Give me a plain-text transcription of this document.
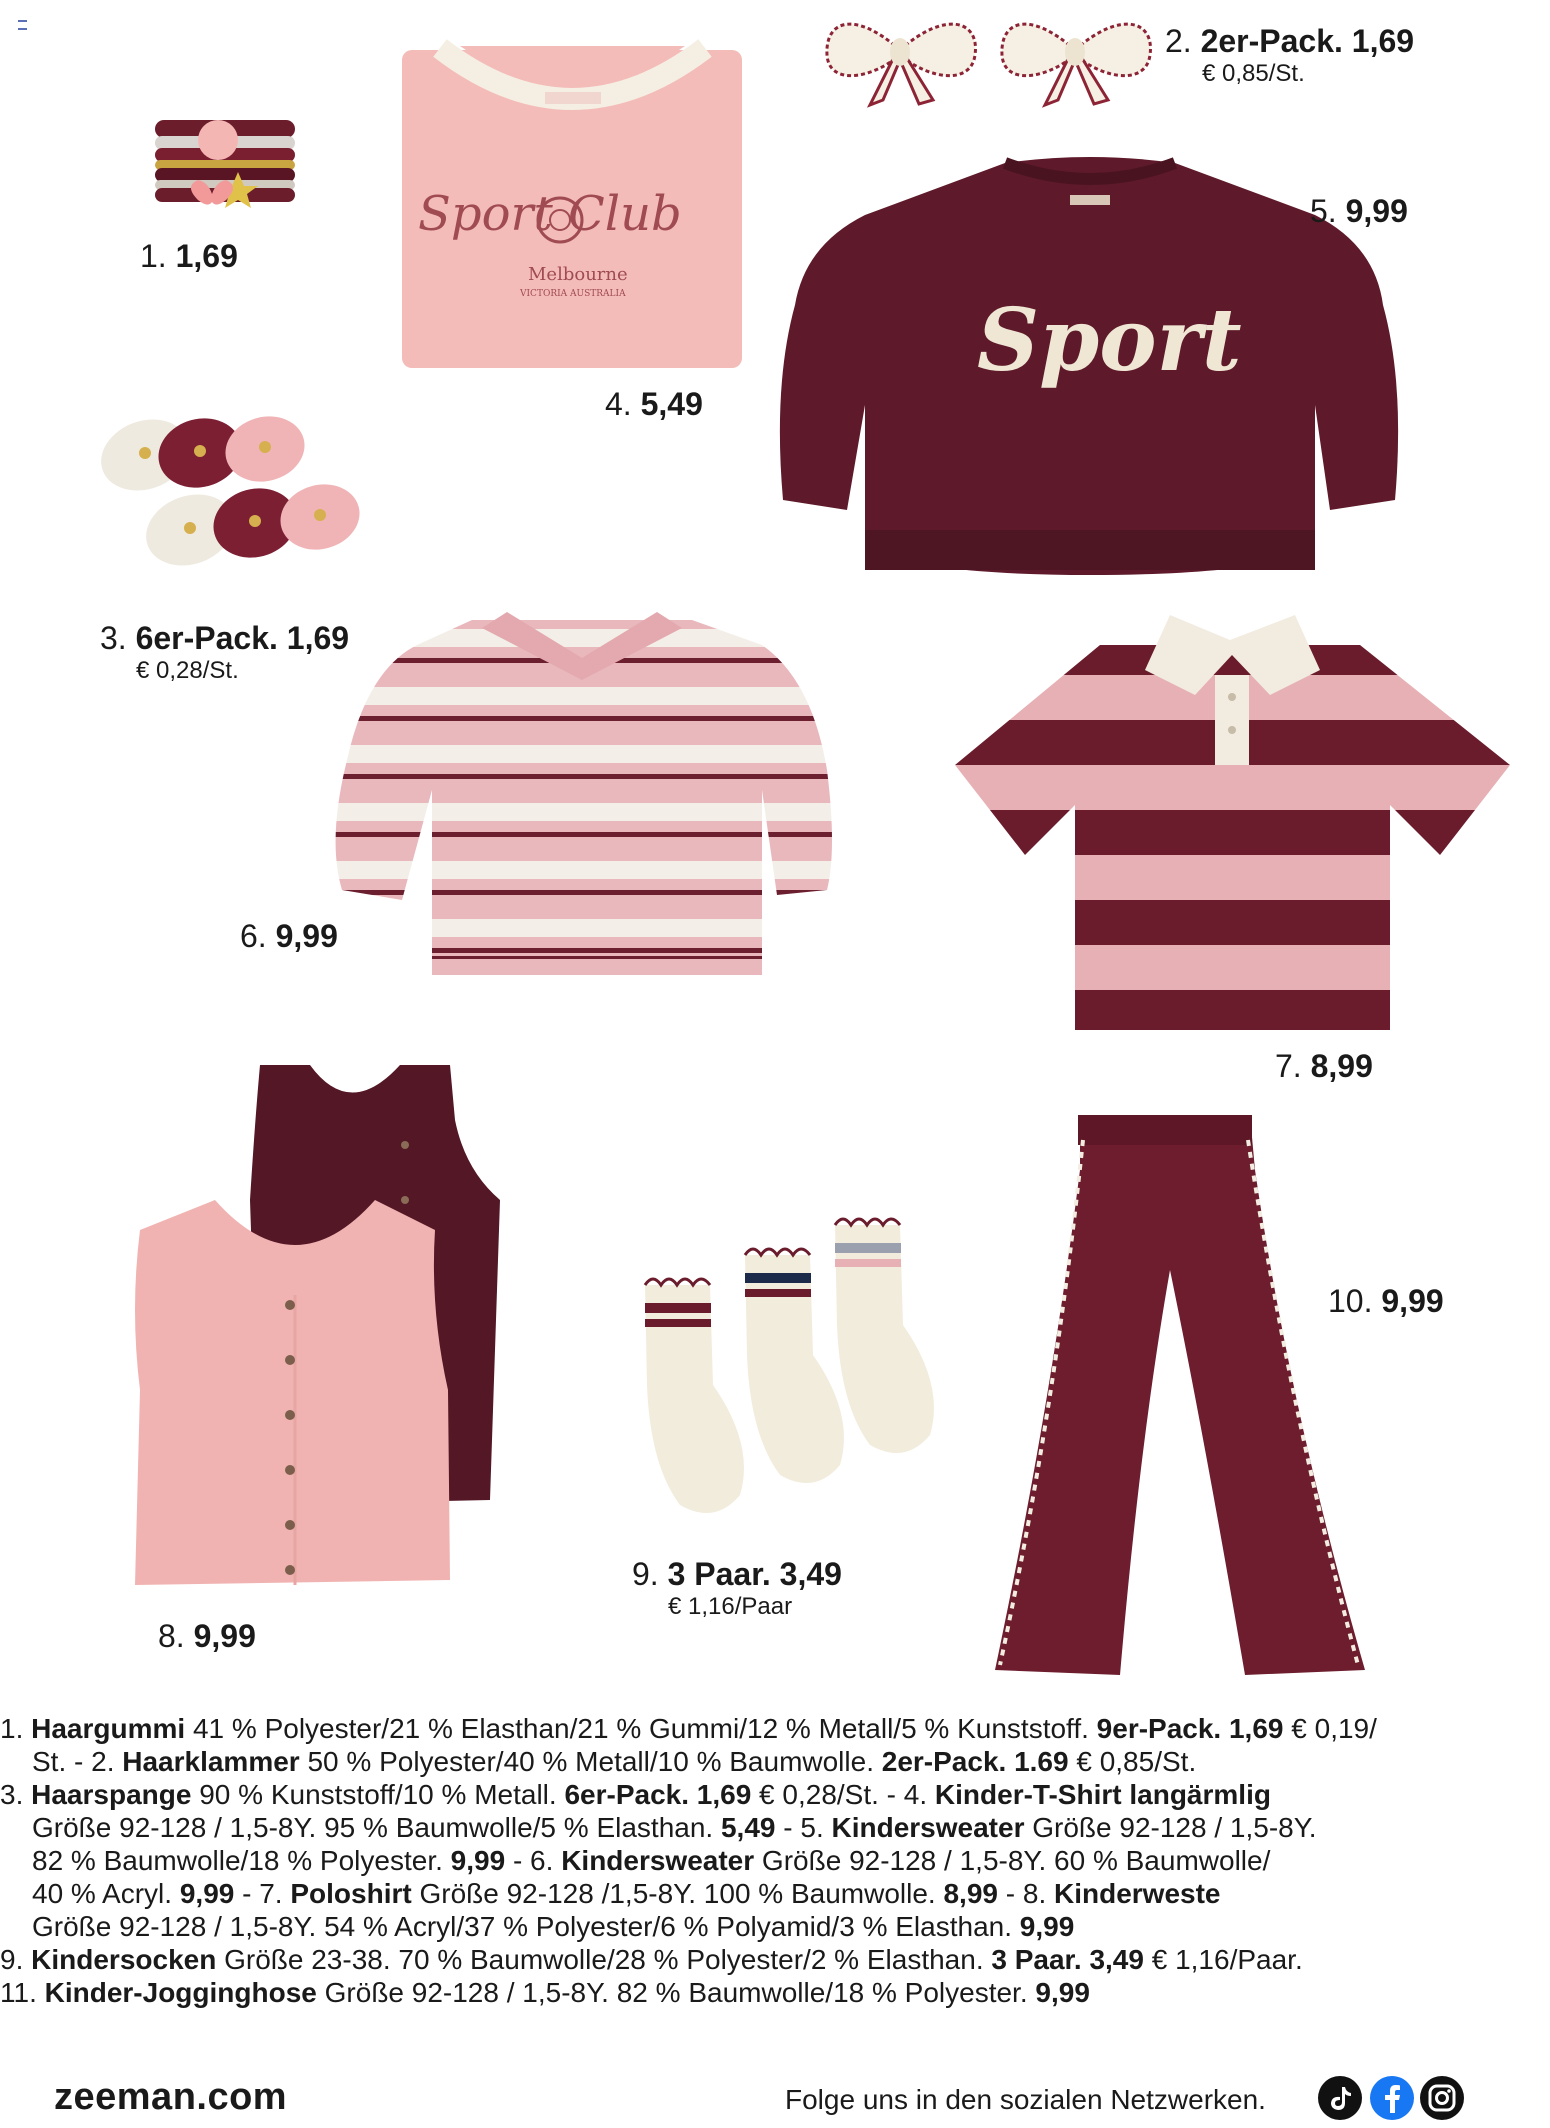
1. 1,69
2. 2er-Pack. 1,69
€ 0,85/St.
Sport Club
Melbourne
VICTORIA AUSTRALIA
4. 5,49
Sport
5. 9,99
3. 6er-Pack. 1,69
€ 0,28/St.
6. 9,99
7. 8,99
8. 9,99
9. 3 Paar. 3,49
€ 1,16/Paar
10. 9,99

1. Haargummi 41 % Polyester/21 % Elasthan/21 % Gummi/12 % Metall/5 % Kunststoff. 9er-Pack. 1,69 € 0,19/
St. - 2. Haarklammer 50 % Polyester/40 % Metall/10 % Baumwolle. 2er-Pack. 1.69 € 0,85/St.

3. Haarspange 90 % Kunststoff/10 % Metall. 6er-Pack. 1,69 € 0,28/St. - 4. Kinder-T-Shirt langärmlig
Größe 92-128 / 1,5-8Y. 95 % Baumwolle/5 % Elasthan. 5,49 - 5. Kindersweater Größe 92-128 / 1,5-8Y.
82 % Baumwolle/18 % Polyester. 9,99 - 6. Kindersweater Größe 92-128 / 1,5-8Y. 60 % Baumwolle/
40 % Acryl. 9,99 - 7. Poloshirt Größe 92-128 /1,5-8Y. 100 % Baumwolle. 8,99 - 8. Kinderweste
Größe 92-128 / 1,5-8Y. 54 % Acryl/37 % Polyester/6 % Polyamid/3 % Elasthan. 9,99

9. Kindersocken Größe 23-38. 70 % Baumwolle/28 % Polyester/2 % Elasthan. 3 Paar. 3,49 € 1,16/Paar.

11. Kinder-Jogginghose Größe 92-128 / 1,5-8Y. 82 % Baumwolle/18 % Polyester. 9,99

zeeman.com	Folge uns in den sozialen Netzwerken.
